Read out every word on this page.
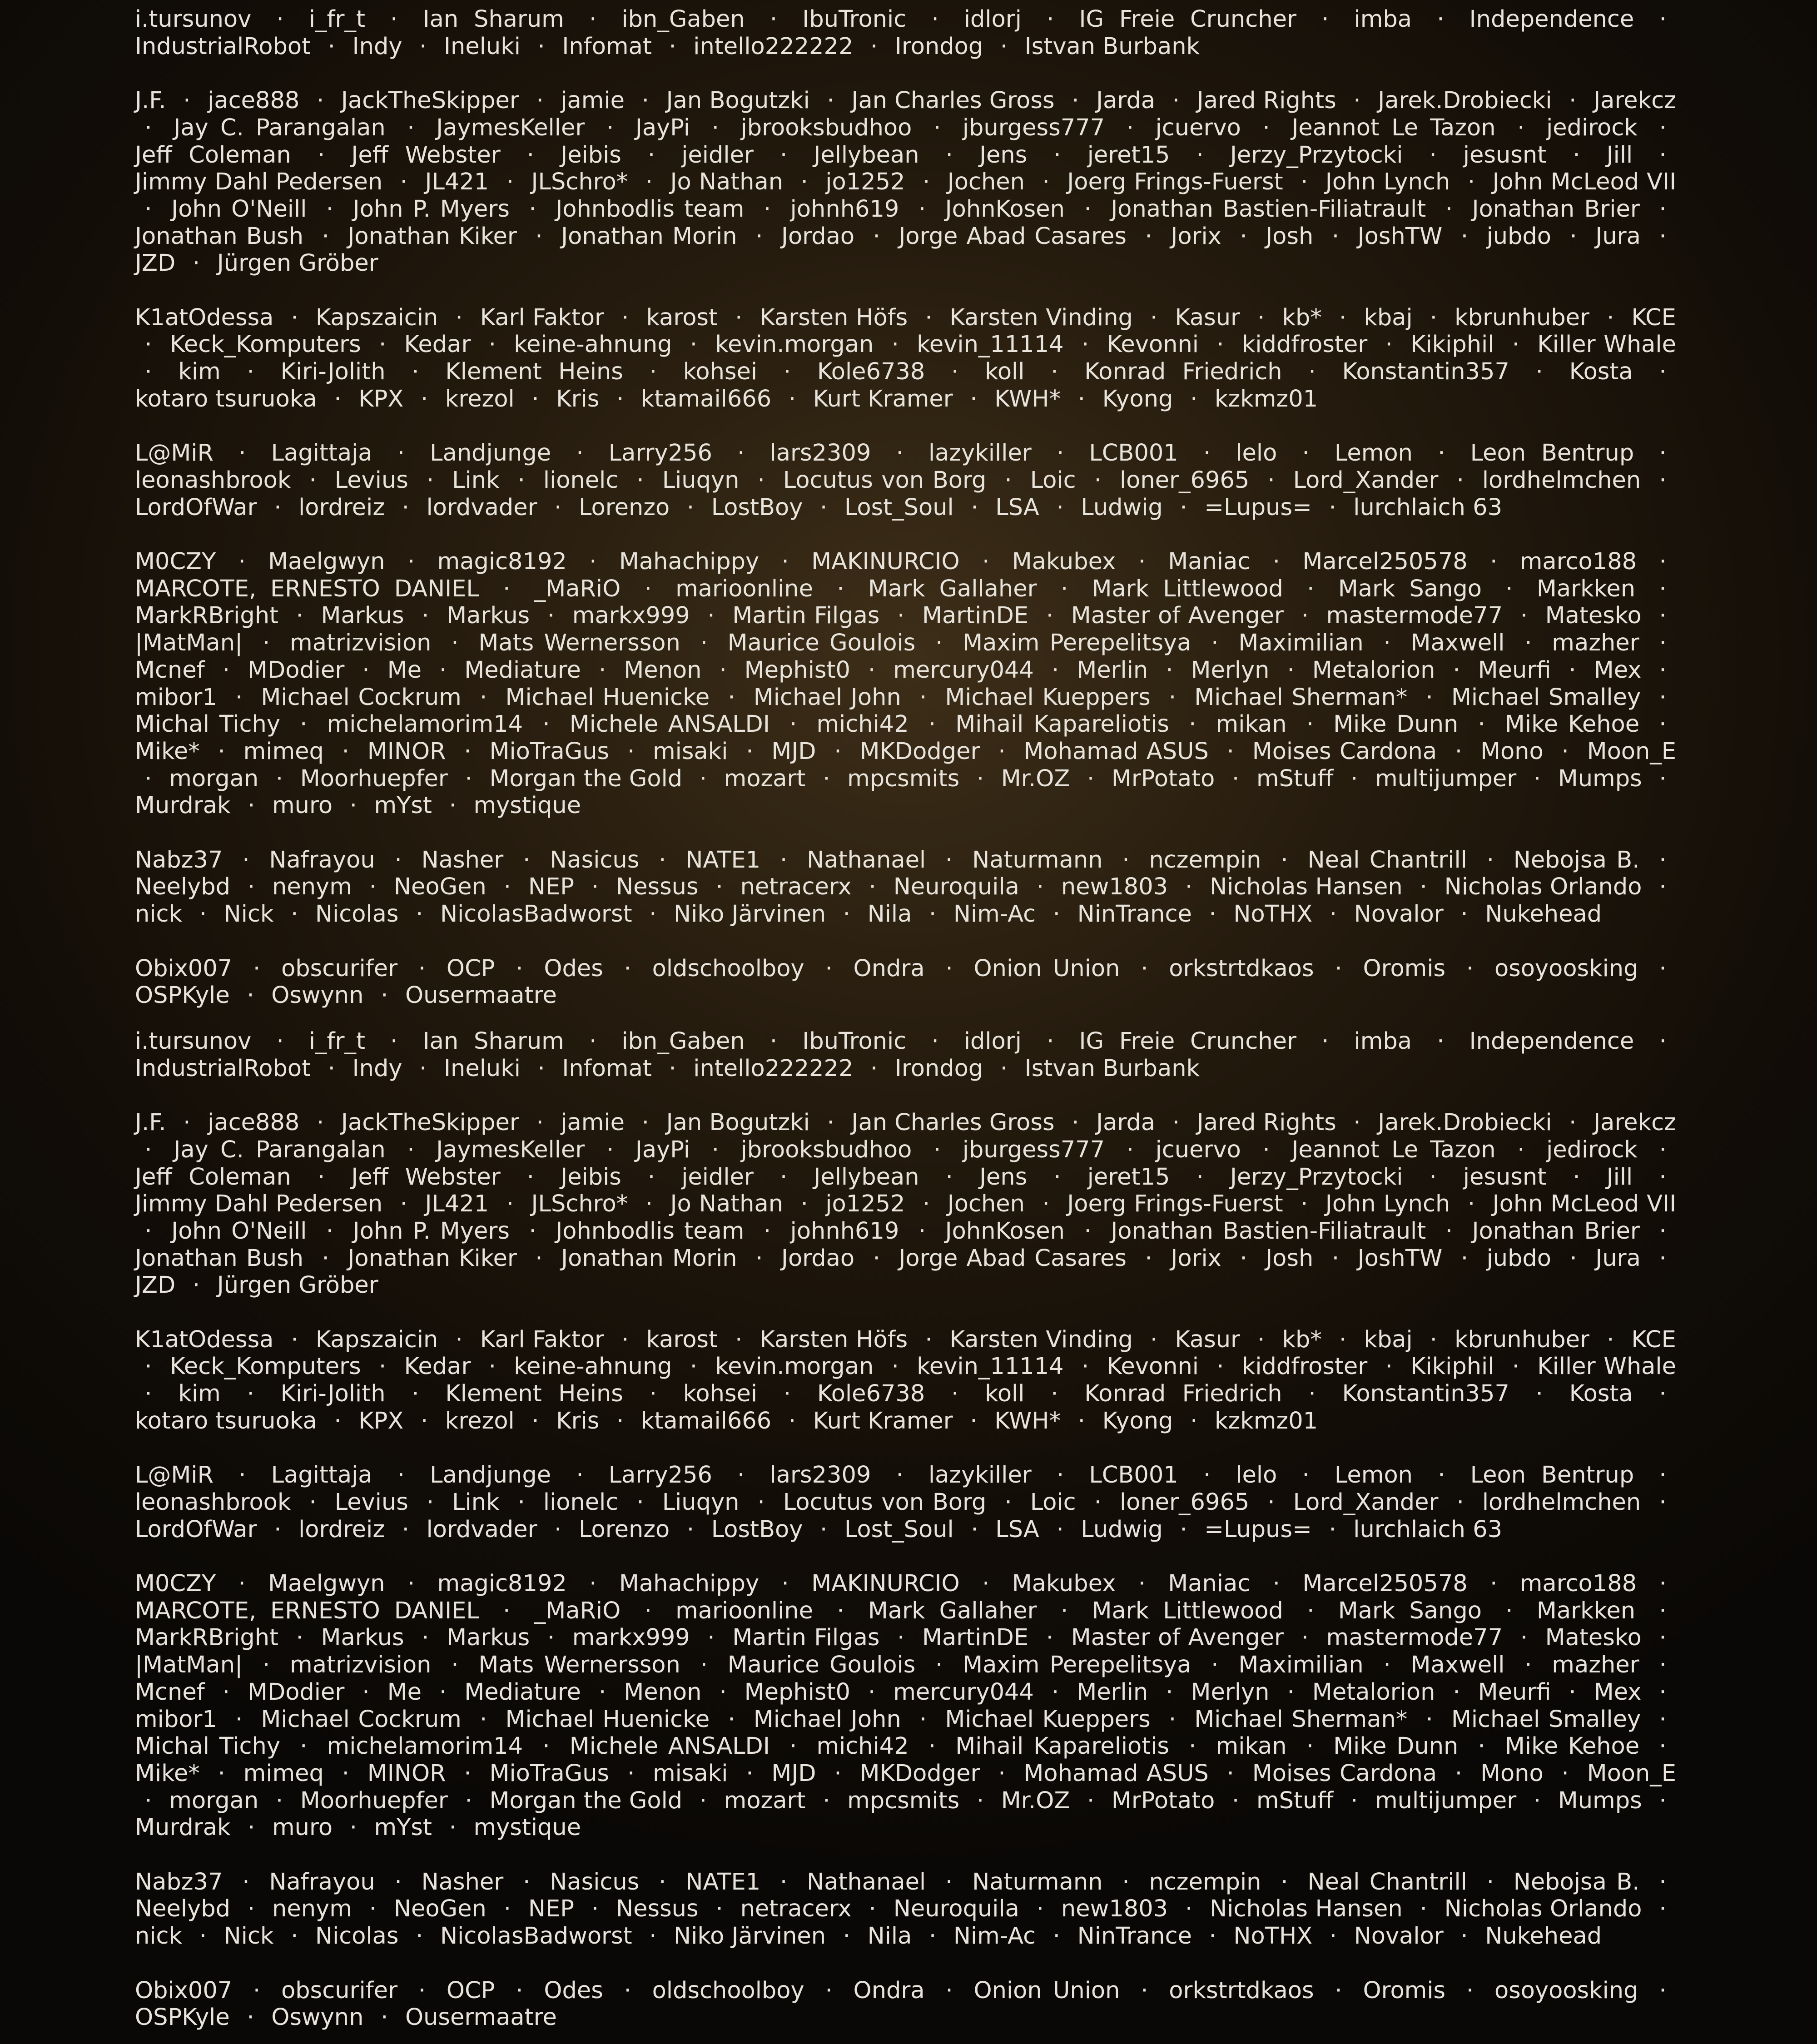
i.tursunov · i_fr_t · Ian Sharum · ibn_Gaben · IbuTronic · idlorj · IG Freie Cruncher · imba · Independence · IndustrialRobot · Indy · Ineluki · Infomat · intello222222 · Irondog · Istvan Burbank

J.F. · jace888 · JackTheSkipper · jamie · Jan Bogutzki · Jan Charles Gross · Jarda · Jared Rights · Jarek.Drobiecki · Jarekcz · Jay C. Parangalan · JaymesKeller · JayPi · jbrooksbudhoo · jburgess777 · jcuervo · Jeannot Le Tazon · jedirock · Jeff Coleman · Jeff Webster · Jeibis · jeidler · Jellybean · Jens · jeret15 · Jerzy_Przytocki · jesusnt · Jill · Jimmy Dahl Pedersen · JL421 · JLSchro* · Jo Nathan · jo1252 · Jochen · Joerg Frings-Fuerst · John Lynch · John McLeod VII · John O'Neill · John P. Myers · Johnbodlis team · johnh619 · JohnKosen · Jonathan Bastien-Filiatrault · Jonathan Brier · Jonathan Bush · Jonathan Kiker · Jonathan Morin · Jordao · Jorge Abad Casares · Jorix · Josh · JoshTW · jubdo · Jura · JZD · Jürgen Gröber

K1atOdessa · Kapszaicin · Karl Faktor · karost · Karsten Höfs · Karsten Vinding · Kasur · kb* · kbaj · kbrunhuber · KCE · Keck_Komputers · Kedar · keine-ahnung · kevin.morgan · kevin_11114 · Kevonni · kiddfroster · Kikiphil · Killer Whale · kim · Kiri-Jolith · Klement Heins · kohsei · Kole6738 · koll · Konrad Friedrich · Konstantin357 · Kosta · kotaro tsuruoka · KPX · krezol · Kris · ktamail666 · Kurt Kramer · KWH* · Kyong · kzkmz01

L@MiR · Lagittaja · Landjunge · Larry256 · lars2309 · lazykiller · LCB001 · lelo · Lemon · Leon Bentrup · leonashbrook · Levius · Link · lionelc · Liuqyn · Locutus von Borg · Loic · loner_6965 · Lord_Xander · lordhelmchen · LordOfWar · lordreiz · lordvader · Lorenzo · LostBoy · Lost_Soul · LSA · Ludwig · =Lupus= · lurchlaich 63

M0CZY · Maelgwyn · magic8192 · Mahachippy · MAKINURCIO · Makubex · Maniac · Marcel250578 · marco188 · MARCOTE, ERNESTO DANIEL · _MaRiO · marioonline · Mark Gallaher · Mark Littlewood · Mark Sango · Markken · MarkRBright · Markus · Markus · markx999 · Martin Filgas · MartinDE · Master of Avenger · mastermode77 · Matesko · |MatMan| · matrizvision · Mats Wernersson · Maurice Goulois · Maxim Perepelitsya · Maximilian · Maxwell · mazher · Mcnef · MDodier · Me · Mediature · Menon · Mephist0 · mercury044 · Merlin · Merlyn · Metalorion · Meurfi · Mex · mibor1 · Michael Cockrum · Michael Huenicke · Michael John · Michael Kueppers · Michael Sherman* · Michael Smalley · Michal Tichy · michelamorim14 · Michele ANSALDI · michi42 · Mihail Kapareliotis · mikan · Mike Dunn · Mike Kehoe · Mike* · mimeq · MINOR · MioTraGus · misaki · MJD · MKDodger · Mohamad ASUS · Moises Cardona · Mono · Moon_E · morgan · Moorhuepfer · Morgan the Gold · mozart · mpcsmits · Mr.OZ · MrPotato · mStuff · multijumper · Mumps · Murdrak · muro · mYst · mystique

Nabz37 · Nafrayou · Nasher · Nasicus · NATE1 · Nathanael · Naturmann · nczempin · Neal Chantrill · Nebojsa B. · Neelybd · nenym · NeoGen · NEP · Nessus · netracerx · Neuroquila · new1803 · Nicholas Hansen · Nicholas Orlando · nick · Nick · Nicolas · NicolasBadworst · Niko Järvinen · Nila · Nim-Ac · NinTrance · NoTHX · Novalor · Nukehead

Obix007 · obscurifer · OCP · Odes · oldschoolboy · Ondra · Onion Union · orkstrtdkaos · Oromis · osoyoosking · OSPKyle · Oswynn · Ousermaatre

i.tursunov · i_fr_t · Ian Sharum · ibn_Gaben · IbuTronic · idlorj · IG Freie Cruncher · imba · Independence · IndustrialRobot · Indy · Ineluki · Infomat · intello222222 · Irondog · Istvan Burbank

J.F. · jace888 · JackTheSkipper · jamie · Jan Bogutzki · Jan Charles Gross · Jarda · Jared Rights · Jarek.Drobiecki · Jarekcz · Jay C. Parangalan · JaymesKeller · JayPi · jbrooksbudhoo · jburgess777 · jcuervo · Jeannot Le Tazon · jedirock · Jeff Coleman · Jeff Webster · Jeibis · jeidler · Jellybean · Jens · jeret15 · Jerzy_Przytocki · jesusnt · Jill · Jimmy Dahl Pedersen · JL421 · JLSchro* · Jo Nathan · jo1252 · Jochen · Joerg Frings-Fuerst · John Lynch · John McLeod VII · John O'Neill · John P. Myers · Johnbodlis team · johnh619 · JohnKosen · Jonathan Bastien-Filiatrault · Jonathan Brier · Jonathan Bush · Jonathan Kiker · Jonathan Morin · Jordao · Jorge Abad Casares · Jorix · Josh · JoshTW · jubdo · Jura · JZD · Jürgen Gröber

K1atOdessa · Kapszaicin · Karl Faktor · karost · Karsten Höfs · Karsten Vinding · Kasur · kb* · kbaj · kbrunhuber · KCE · Keck_Komputers · Kedar · keine-ahnung · kevin.morgan · kevin_11114 · Kevonni · kiddfroster · Kikiphil · Killer Whale · kim · Kiri-Jolith · Klement Heins · kohsei · Kole6738 · koll · Konrad Friedrich · Konstantin357 · Kosta · kotaro tsuruoka · KPX · krezol · Kris · ktamail666 · Kurt Kramer · KWH* · Kyong · kzkmz01

L@MiR · Lagittaja · Landjunge · Larry256 · lars2309 · lazykiller · LCB001 · lelo · Lemon · Leon Bentrup · leonashbrook · Levius · Link · lionelc · Liuqyn · Locutus von Borg · Loic · loner_6965 · Lord_Xander · lordhelmchen · LordOfWar · lordreiz · lordvader · Lorenzo · LostBoy · Lost_Soul · LSA · Ludwig · =Lupus= · lurchlaich 63

M0CZY · Maelgwyn · magic8192 · Mahachippy · MAKINURCIO · Makubex · Maniac · Marcel250578 · marco188 · MARCOTE, ERNESTO DANIEL · _MaRiO · marioonline · Mark Gallaher · Mark Littlewood · Mark Sango · Markken · MarkRBright · Markus · Markus · markx999 · Martin Filgas · MartinDE · Master of Avenger · mastermode77 · Matesko · |MatMan| · matrizvision · Mats Wernersson · Maurice Goulois · Maxim Perepelitsya · Maximilian · Maxwell · mazher · Mcnef · MDodier · Me · Mediature · Menon · Mephist0 · mercury044 · Merlin · Merlyn · Metalorion · Meurfi · Mex · mibor1 · Michael Cockrum · Michael Huenicke · Michael John · Michael Kueppers · Michael Sherman* · Michael Smalley · Michal Tichy · michelamorim14 · Michele ANSALDI · michi42 · Mihail Kapareliotis · mikan · Mike Dunn · Mike Kehoe · Mike* · mimeq · MINOR · MioTraGus · misaki · MJD · MKDodger · Mohamad ASUS · Moises Cardona · Mono · Moon_E · morgan · Moorhuepfer · Morgan the Gold · mozart · mpcsmits · Mr.OZ · MrPotato · mStuff · multijumper · Mumps · Murdrak · muro · mYst · mystique

Nabz37 · Nafrayou · Nasher · Nasicus · NATE1 · Nathanael · Naturmann · nczempin · Neal Chantrill · Nebojsa B. · Neelybd · nenym · NeoGen · NEP · Nessus · netracerx · Neuroquila · new1803 · Nicholas Hansen · Nicholas Orlando · nick · Nick · Nicolas · NicolasBadworst · Niko Järvinen · Nila · Nim-Ac · NinTrance · NoTHX · Novalor · Nukehead

Obix007 · obscurifer · OCP · Odes · oldschoolboy · Ondra · Onion Union · orkstrtdkaos · Oromis · osoyoosking · OSPKyle · Oswynn · Ousermaatre
